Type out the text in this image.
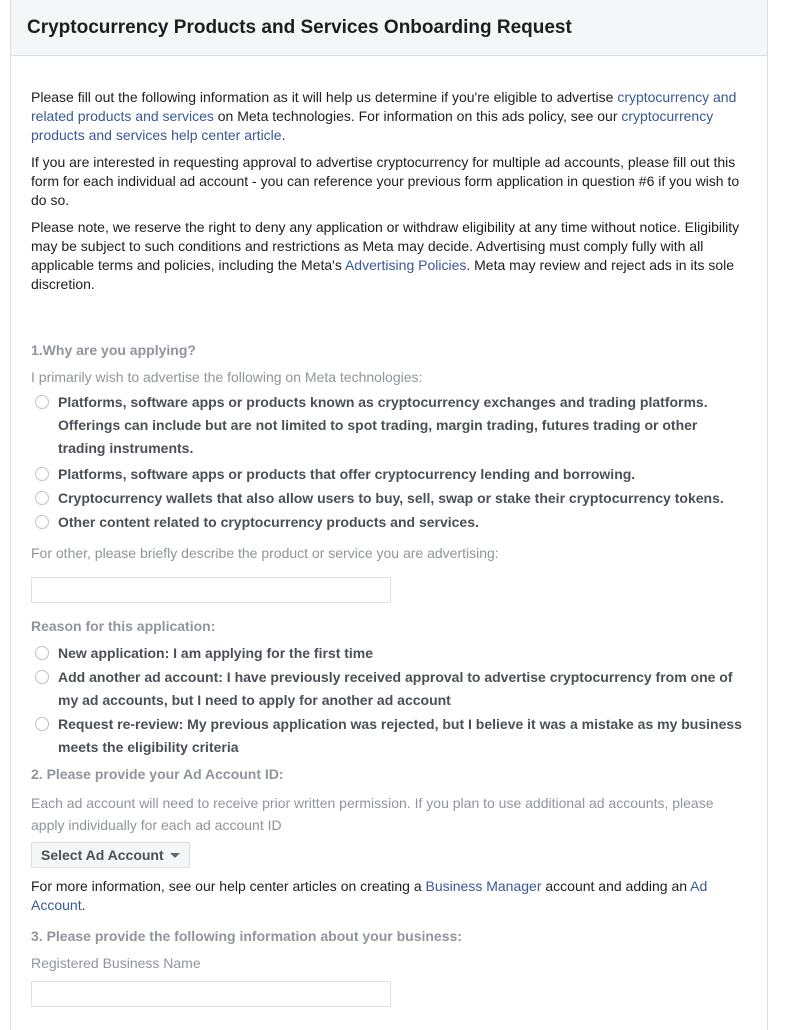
Cryptocurrency Products and Services Onboarding Request

Please fill out the following information as it will help us determine if you're eligible to advertise cryptocurrency and related products and services on Meta technologies. For information on this ads policy, see our cryptocurrency products and services help center article.

If you are interested in requesting approval to advertise cryptocurrency for multiple ad accounts, please fill out this form for each individual ad account - you can reference your previous form application in question #6 if you wish to do so.

Please note, we reserve the right to deny any application or withdraw eligibility at any time without notice. Eligibility may be subject to such conditions and restrictions as Meta may decide. Advertising must comply fully with all applicable terms and policies, including the Meta's Advertising Policies. Meta may review and reject ads in its sole discretion.

1.Why are you applying?
I primarily wish to advertise the following on Meta technologies:
Platforms, software apps or products known as cryptocurrency exchanges and trading platforms. Offerings can include but are not limited to spot trading, margin trading, futures trading or other trading instruments.
Platforms, software apps or products that offer cryptocurrency lending and borrowing.
Cryptocurrency wallets that also allow users to buy, sell, swap or stake their cryptocurrency tokens.
Other content related to cryptocurrency products and services.
For other, please briefly describe the product or service you are advertising:
Reason for this application:
New application: I am applying for the first time
Add another ad account: I have previously received approval to advertise cryptocurrency from one of my ad accounts, but I need to apply for another ad account
Request re-review: My previous application was rejected, but I believe it was a mistake as my business meets the eligibility criteria
2. Please provide your Ad Account ID:
Each ad account will need to receive prior written permission. If you plan to use additional ad accounts, please apply individually for each ad account ID
Select Ad Account

For more information, see our help center articles on creating a Business Manager account and adding an Ad Account.

3. Please provide the following information about your business:
Registered Business Name
